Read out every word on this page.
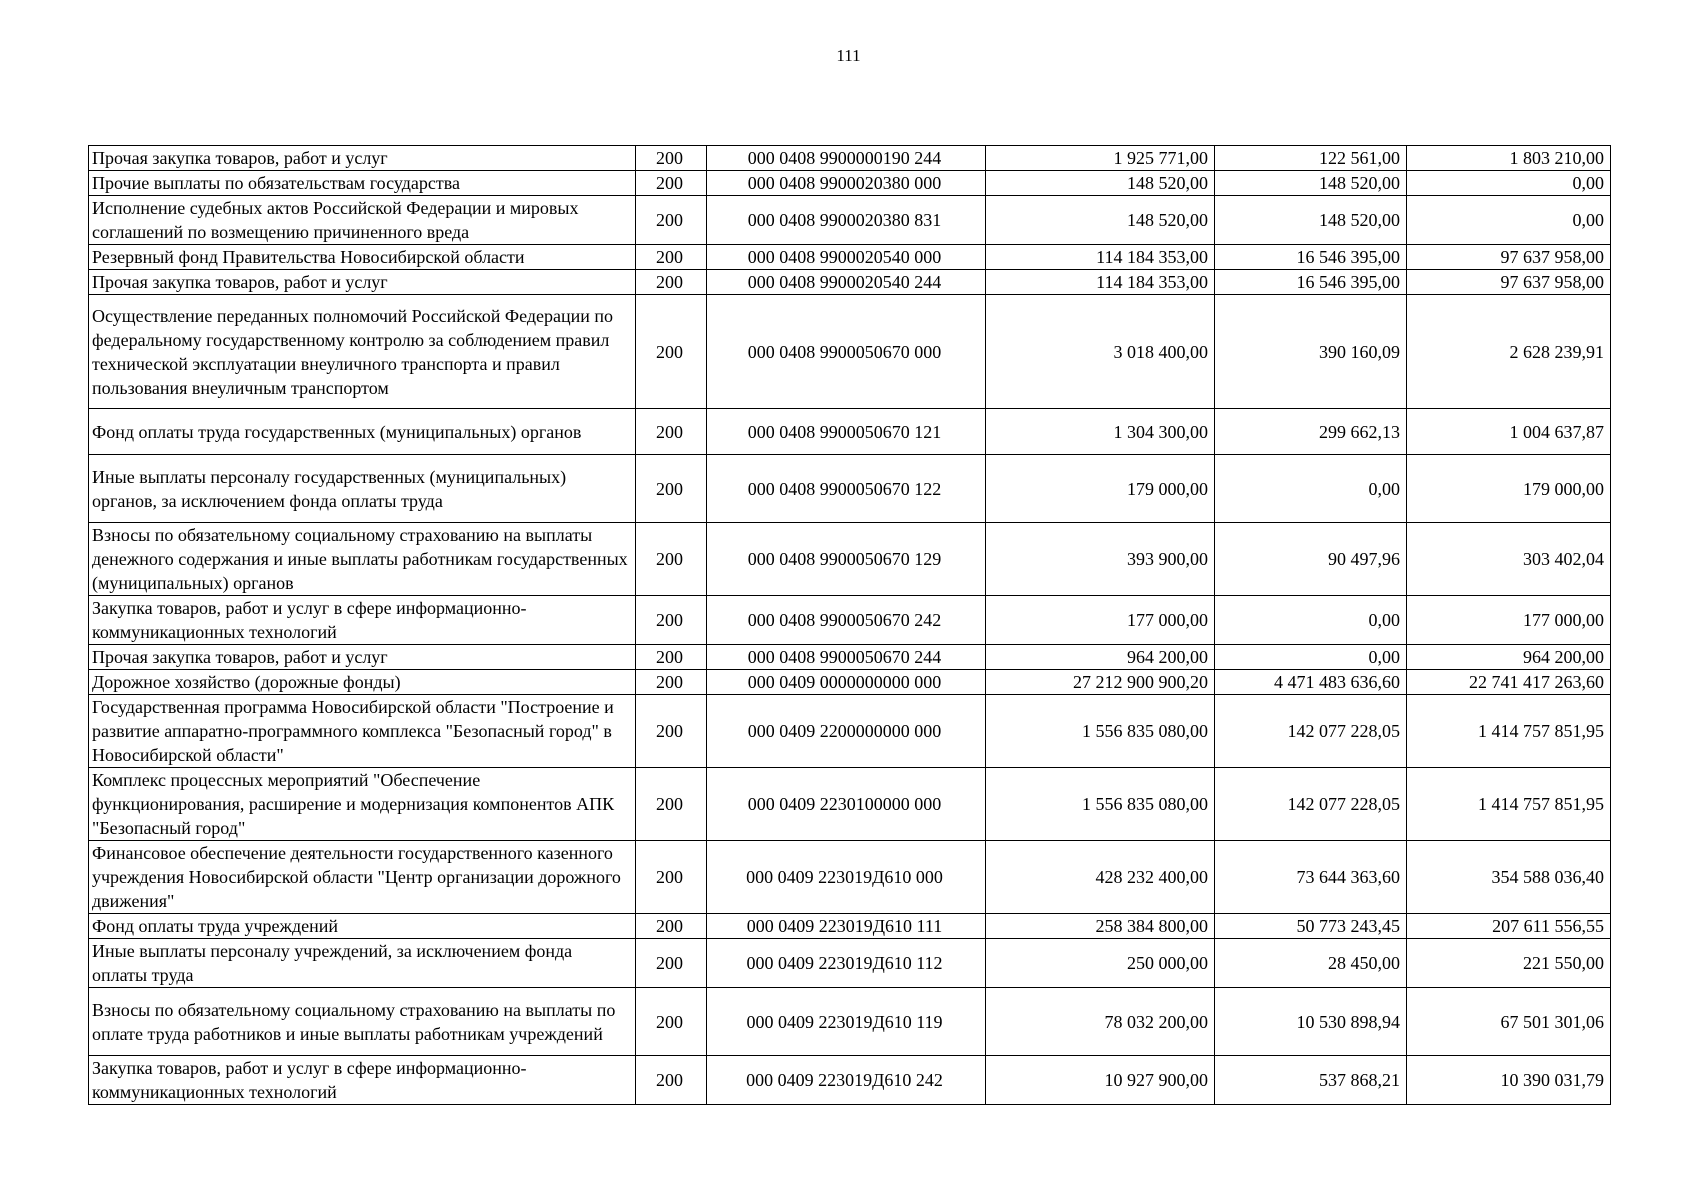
111
Прочая закупка товаров, работ и услуг	200	000 0408 9900000190 244	1 925 771,00	122 561,00	1 803 210,00
Прочие выплаты по обязательствам государства	200	000 0408 9900020380 000	148 520,00	148 520,00	0,00
Исполнение судебных актов Российской Федерации и мировых соглашений по возмещению причиненного вреда	200	000 0408 9900020380 831	148 520,00	148 520,00	0,00
Резервный фонд Правительства Новосибирской области	200	000 0408 9900020540 000	114 184 353,00	16 546 395,00	97 637 958,00
Прочая закупка товаров, работ и услуг	200	000 0408 9900020540 244	114 184 353,00	16 546 395,00	97 637 958,00
Осуществление переданных полномочий Российской Федерации по федеральному государственному контролю за соблюдением правил технической эксплуатации внеуличного транспорта и правил пользования внеуличным транспортом	200	000 0408 9900050670 000	3 018 400,00	390 160,09	2 628 239,91
Фонд оплаты труда государственных (муниципальных) органов	200	000 0408 9900050670 121	1 304 300,00	299 662,13	1 004 637,87
Иные выплаты персоналу государственных (муниципальных) органов, за исключением фонда оплаты труда	200	000 0408 9900050670 122	179 000,00	0,00	179 000,00
Взносы по обязательному социальному страхованию на выплаты денежного содержания и иные выплаты работникам государственных (муниципальных) органов	200	000 0408 9900050670 129	393 900,00	90 497,96	303 402,04
Закупка товаров, работ и услуг в сфере информационно-коммуникационных технологий	200	000 0408 9900050670 242	177 000,00	0,00	177 000,00
Прочая закупка товаров, работ и услуг	200	000 0408 9900050670 244	964 200,00	0,00	964 200,00
Дорожное хозяйство (дорожные фонды)	200	000 0409 0000000000 000	27 212 900 900,20	4 471 483 636,60	22 741 417 263,60
Государственная программа Новосибирской области "Построение и развитие аппаратно-программного комплекса "Безопасный город" в Новосибирской области"	200	000 0409 2200000000 000	1 556 835 080,00	142 077 228,05	1 414 757 851,95
Комплекс процессных мероприятий "Обеспечение функционирования, расширение и модернизация компонентов АПК "Безопасный город"	200	000 0409 2230100000 000	1 556 835 080,00	142 077 228,05	1 414 757 851,95
Финансовое обеспечение деятельности государственного казенного учреждения Новосибирской области "Центр организации дорожного движения"	200	000 0409 223019Д610 000	428 232 400,00	73 644 363,60	354 588 036,40
Фонд оплаты труда учреждений	200	000 0409 223019Д610 111	258 384 800,00	50 773 243,45	207 611 556,55
Иные выплаты персоналу учреждений, за исключением фонда оплаты труда	200	000 0409 223019Д610 112	250 000,00	28 450,00	221 550,00
Взносы по обязательному социальному страхованию на выплаты по оплате труда работников и иные выплаты работникам учреждений	200	000 0409 223019Д610 119	78 032 200,00	10 530 898,94	67 501 301,06
Закупка товаров, работ и услуг в сфере информационно-коммуникационных технологий	200	000 0409 223019Д610 242	10 927 900,00	537 868,21	10 390 031,79
